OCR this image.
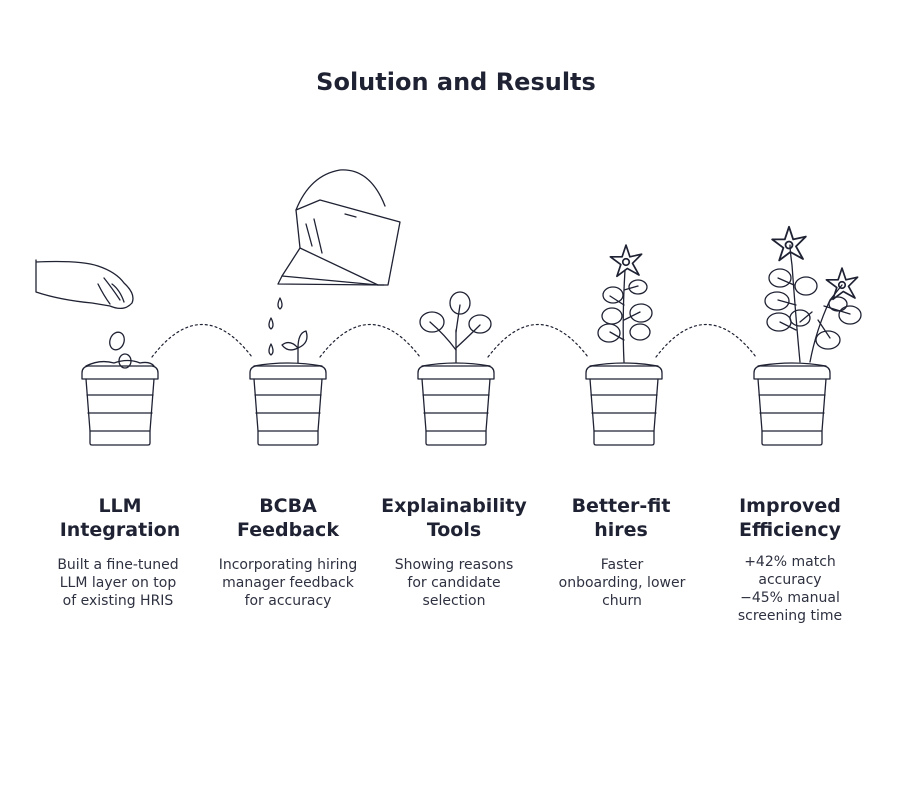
Solution and Results
LLM
Integration
Built a fine-tuned
LLM layer on top
of existing HRIS
BCBA
Feedback
Incorporating hiring
manager feedback
for accuracy
Explainability
Tools
Showing reasons
for candidate
selection
Better-fit
hires
Faster
onboarding, lower
churn
Improved
Efficiency
+42% match
accuracy
−45% manual
screening time
